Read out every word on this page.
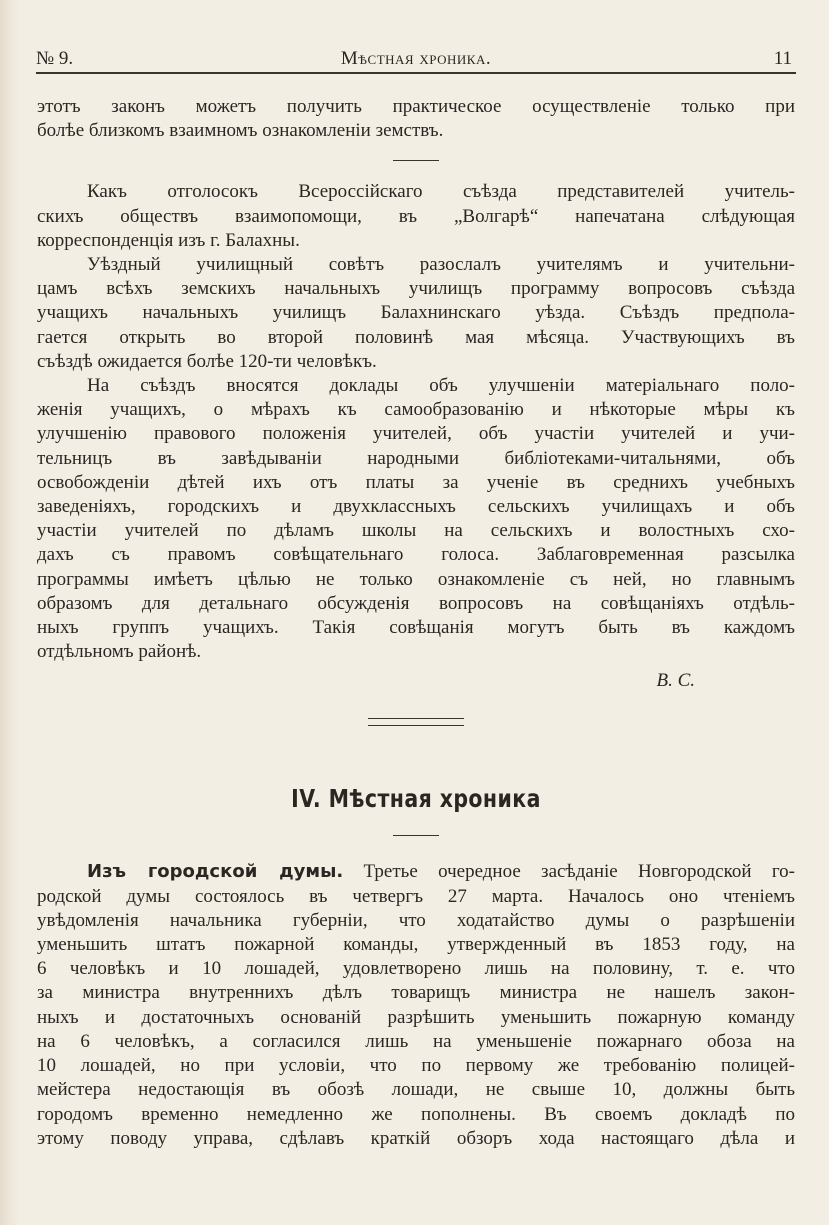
№ 9.	Мѣстная хроника.	11

этотъ законъ можетъ получить практическое осуществленіе только при
болѣе близкомъ взаимномъ ознакомленіи земствъ.

Какъ отголосокъ Всероссійскаго съѣзда представителей учитель-
скихъ обществъ взаимопомощи, въ „Волгарѣ“ напечатана слѣдующая
корреспонденція изъ г. Балахны.

Уѣздный училищный совѣтъ разослалъ учителямъ и учительни-
цамъ всѣхъ земскихъ начальныхъ училищъ программу вопросовъ съѣзда
учащихъ начальныхъ училищъ Балахнинскаго уѣзда. Съѣздъ предпола-
гается открыть во второй половинѣ мая мѣсяца. Участвующихъ въ
съѣздѣ ожидается болѣе 120-ти человѣкъ.

На съѣздъ вносятся доклады объ улучшеніи матеріальнаго поло-
женія учащихъ, о мѣрахъ къ самообразованію и нѣкоторые мѣры къ
улучшенію правового положенія учителей, объ участіи учителей и учи-
тельницъ въ завѣдываніи народными библіотеками-читальнями, объ
освобожденіи дѣтей ихъ отъ платы за ученіе въ среднихъ учебныхъ
заведеніяхъ, городскихъ и двухклассныхъ сельскихъ училищахъ и объ
участіи учителей по дѣламъ школы на сельскихъ и волостныхъ схо-
дахъ съ правомъ совѣщательнаго голоса. Заблаговременная разсылка
программы имѣетъ цѣлью не только ознакомленіе съ ней, но главнымъ
образомъ для детальнаго обсужденія вопросовъ на совѣщаніяхъ отдѣль-
ныхъ группъ учащихъ. Такія совѣщанія могутъ быть въ каждомъ
отдѣльномъ районѣ.

В. С.
IV. Мѣстная хроника

Изъ городской думы. Третье очередное засѣданіе Новгородской го-
родской думы состоялось въ четвергъ 27 марта. Началось оно чтеніемъ
увѣдомленія начальника губерніи, что ходатайство думы о разрѣшеніи
уменьшить штатъ пожарной команды, утвержденный въ 1853 году, на
6 человѣкъ и 10 лошадей, удовлетворено лишь на половину, т. е. что
за министра внутреннихъ дѣлъ товарищъ министра не нашелъ закон-
ныхъ и достаточныхъ основаній разрѣшить уменьшить пожарную команду
на 6 человѣкъ, а согласился лишь на уменьшеніе пожарнаго обоза на
10 лошадей, но при условіи, что по первому же требованію полицей-
мейстера недостающія въ обозѣ лошади, не свыше 10, должны быть
городомъ временно немедленно же пополнены. Въ своемъ докладѣ по
этому поводу управа, сдѣлавъ краткій обзоръ хода настоящаго дѣла и
